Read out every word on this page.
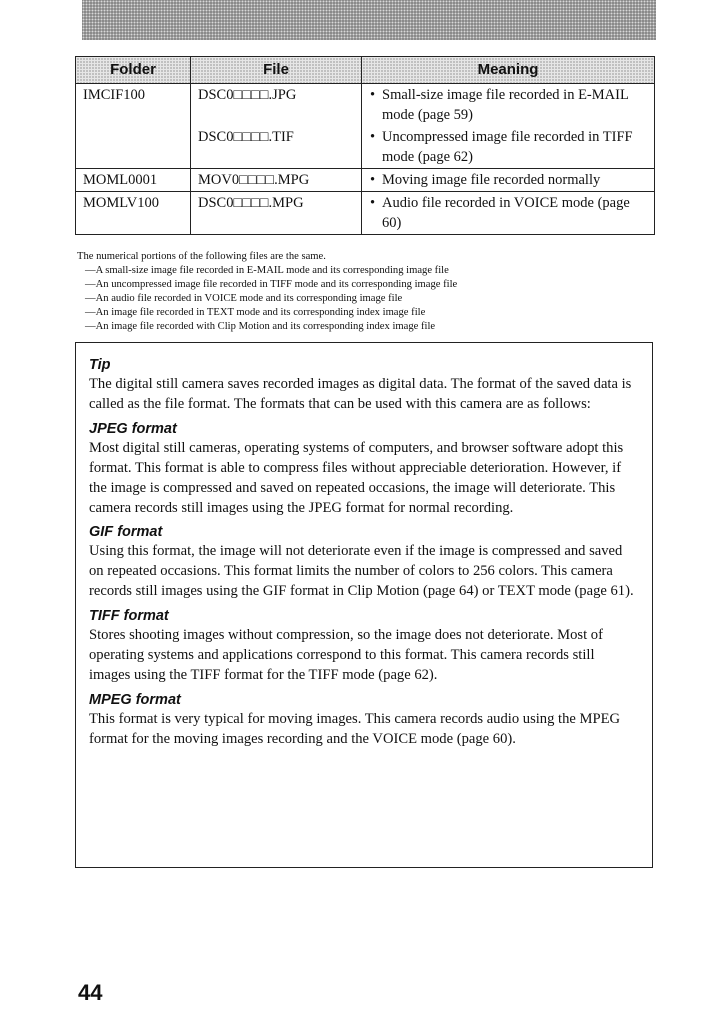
Folder	File	Meaning
IMCIF100	DSC0□□□□.JPG	• Small-size image file recorded in E-MAIL mode (page 59)

	DSC0□□□□.TIF	• Uncompressed image file recorded in TIFF mode (page 62)

MOML0001	MOV0□□□□.MPG	• Moving image file recorded normally

MOMLV100	DSC0□□□□.MPG	• Audio file recorded in VOICE mode (page 60)
The numerical portions of the following files are the same.
—A small-size image file recorded in E-MAIL mode and its corresponding image file
—An uncompressed image file recorded in TIFF mode and its corresponding image file
—An audio file recorded in VOICE mode and its corresponding image file
—An image file recorded in TEXT mode and its corresponding index image file
—An image file recorded with Clip Motion and its corresponding index image file
Tip

The digital still camera saves recorded images as digital data. The format of the saved data is called as the file format. The formats that can be used with this camera are as follows:

JPEG format

Most digital still cameras, operating systems of computers, and browser software adopt this format. This format is able to compress files without appreciable deterioration. However, if the image is compressed and saved on repeated occasions, the image will deteriorate. This camera records still images using the JPEG format for normal recording.

GIF format

Using this format, the image will not deteriorate even if the image is compressed and saved on repeated occasions. This format limits the number of colors to 256 colors. This camera records still images using the GIF format in Clip Motion (page 64) or TEXT mode (page 61).

TIFF format

Stores shooting images without compression, so the image does not deteriorate. Most of operating systems and applications correspond to this format. This camera records still images using the TIFF format for the TIFF mode (page 62).

MPEG format

This format is very typical for moving images. This camera records audio using the MPEG format for the moving images recording and the VOICE mode (page 60).

44
